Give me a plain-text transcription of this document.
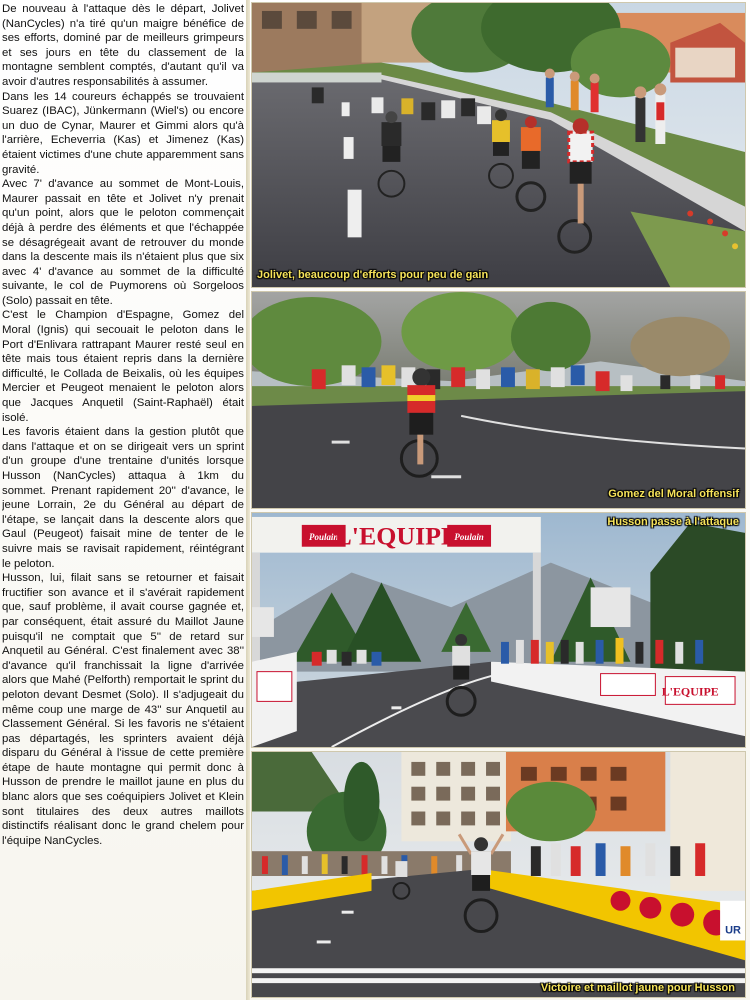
De nouveau à l'attaque dès le départ, Jolivet (NanCycles) n'a tiré qu'un maigre bénéfice de ses efforts, dominé par de meilleurs grimpeurs et ses jours en tête du classement de la montagne semblent comptés, d'autant qu'il va avoir d'autres responsabilités à assumer.

Dans les 14 coureurs échappés se trouvaient Suarez (IBAC), Jünkermann (Wiel's) ou encore un duo de Cynar, Maurer et Gimmi alors qu'à l'arrière, Echeverria (Kas) et Jimenez (Kas) étaient victimes d'une chute apparemment sans gravité.

Avec 7' d'avance au sommet de Mont-Louis, Maurer passait en tête et Jolivet n'y prenait qu'un point, alors que le peloton commençait déjà à perdre des éléments et que l'échappée se désagrégeait avant de retrouver du monde dans la descente mais ils n'étaient plus que six avec 4' d'avance au sommet de la difficulté suivante, le col de Puymorens où Sorgeloos (Solo) passait en tête.

C'est le Champion d'Espagne, Gomez del Moral (Ignis) qui secouait le peloton dans le Port d'Enlivara rattrapant Maurer resté seul en tête mais tous étaient repris dans la dernière difficulté, le Collada de Beixalis, où les équipes Mercier et Peugeot menaient le peloton alors que Jacques Anquetil (Saint-Raphaël) était isolé.

Les favoris étaient dans la gestion plutôt que dans l'attaque et on se dirigeait vers un sprint d'un groupe d'une trentaine d'unités lorsque Husson (NanCycles) attaqua à 1km du sommet. Prenant rapidement 20'' d'avance, le jeune Lorrain, 2e du Général au départ de l'étape, se lançait dans la descente alors que Gaul (Peugeot) faisait mine de tenter de le suivre mais se ravisait rapidement, réintégrant le peloton.

Husson, lui, filait sans se retourner et faisait fructifier son avance et il s'avérait rapidement que, sauf problème, il avait course gagnée et, par conséquent, était assuré du Maillot Jaune puisqu'il ne comptait que 5'' de retard sur Anquetil au Général. C'est finalement avec 38'' d'avance qu'il franchissait la ligne d'arrivée alors que Mahé (Pelforth) remportait le sprint du peloton devant Desmet (Solo). Il s'adjugeait du même coup une marge de 43'' sur Anquetil au Classement Général. Si les favoris ne s'étaient pas départagés, les sprinters avaient déjà disparu du Général à l'issue de cette première étape de haute montagne qui permit donc à Husson de prendre le maillot jaune en plus du blanc alors que ses coéquipiers Jolivet et Klein sont titulaires des deux autres maillots distinctifs réalisant donc le grand chelem pour l'équipe NanCycles.

Jolivet, beaucoup d'efforts pour peu de gain
Gomez del Moral offensif
Poulain	Poulain
L'EQUIPE
L'EQUIPE
Husson passe à l'attaque
UR
Victoire et maillot jaune pour Husson
